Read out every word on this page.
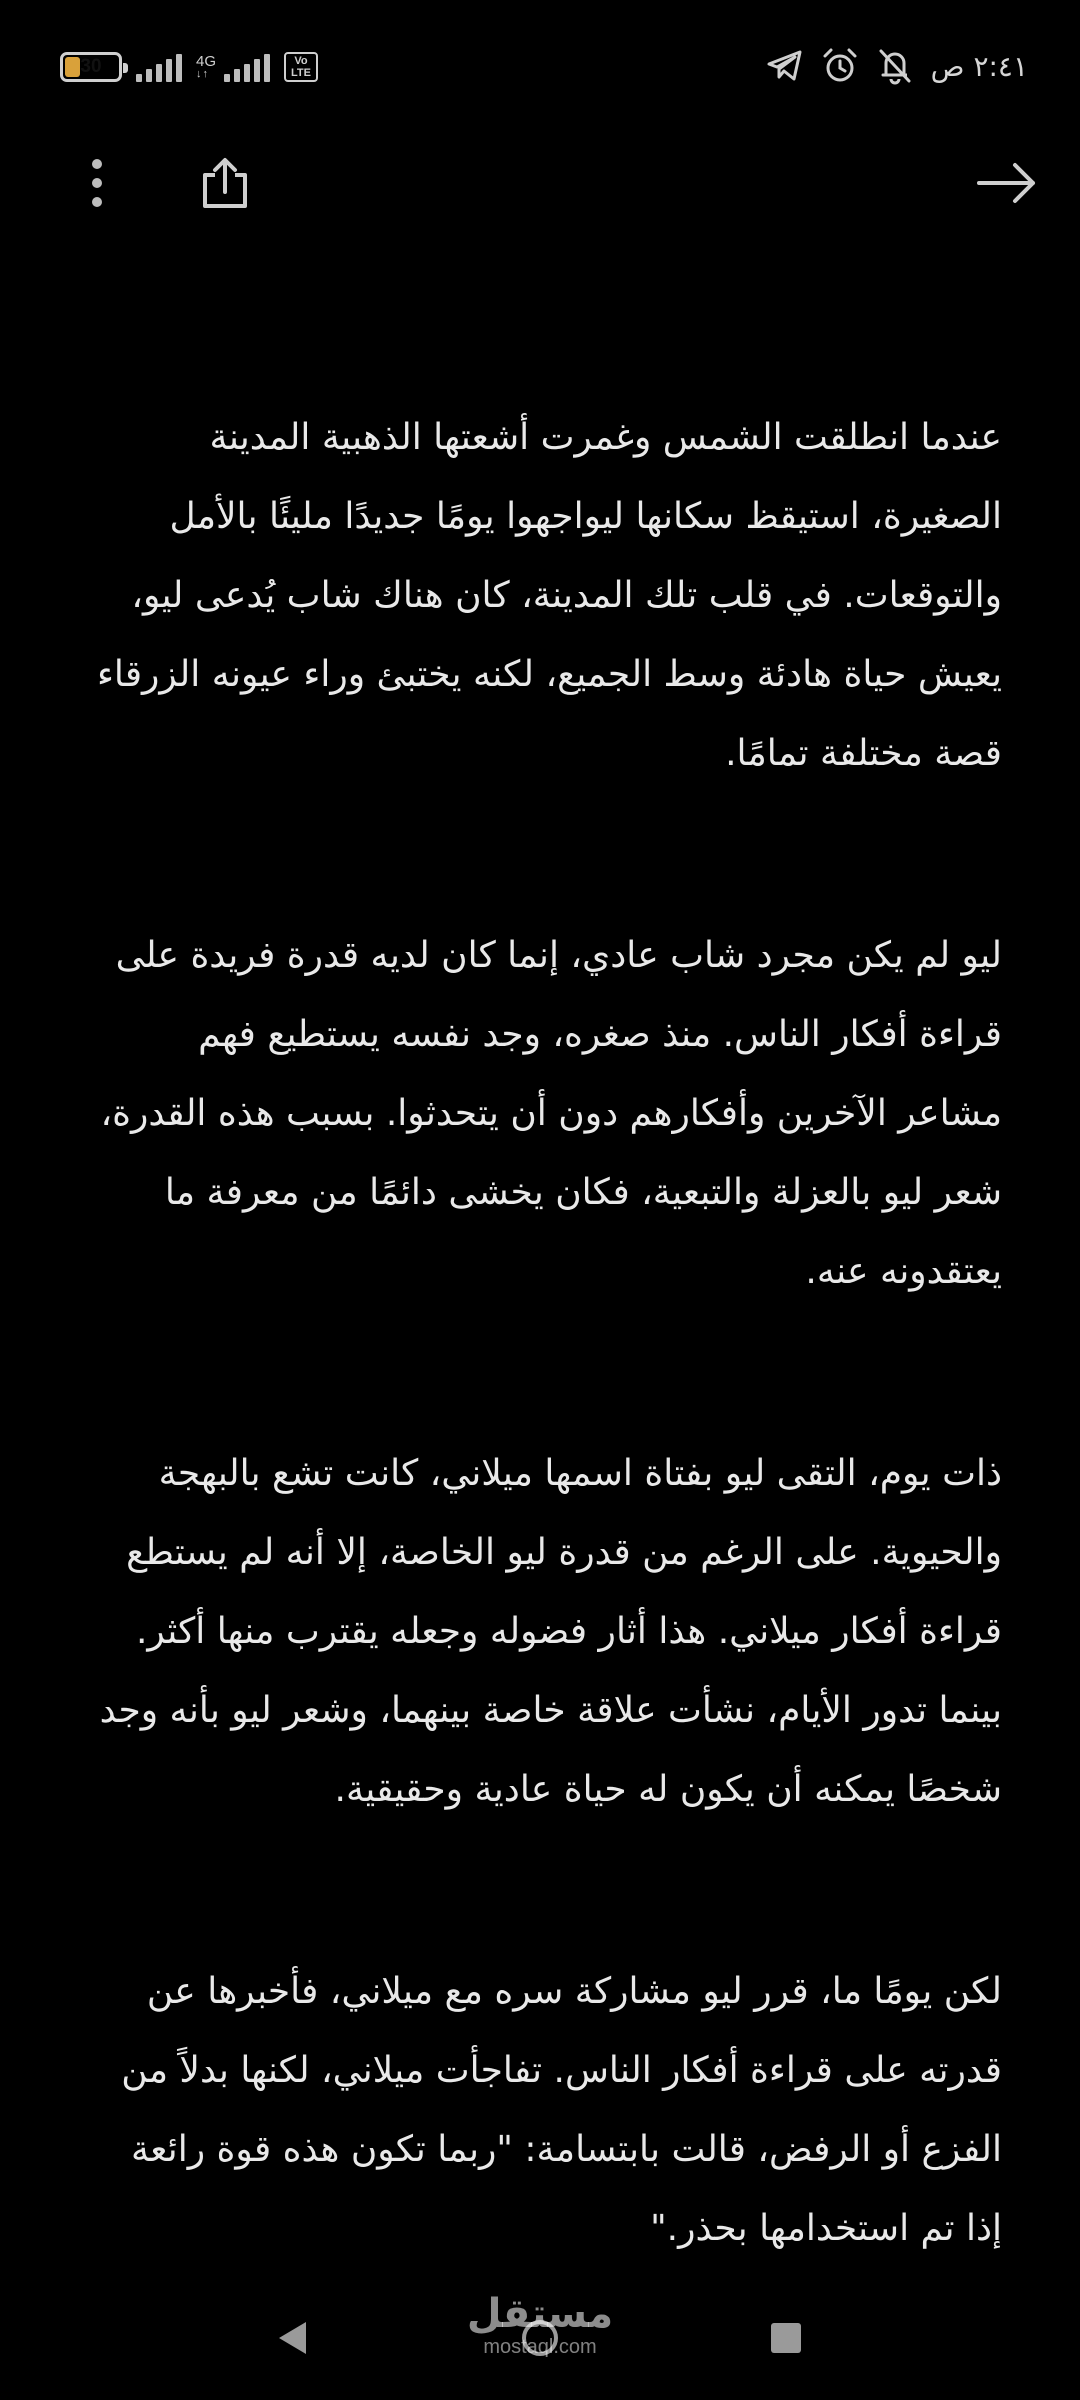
30	4G
↓↑
Vo
LTE	٢:٤١ ص

عندما انطلقت الشمس وغمرت أشعتها الذهبية المدينة الصغيرة، استيقظ سكانها ليواجهوا يومًا جديدًا مليئًا بالأمل والتوقعات. في قلب تلك المدينة، كان هناك شاب يُدعى ليو، يعيش حياة هادئة وسط الجميع، لكنه يختبئ وراء عيونه الزرقاء قصة مختلفة تمامًا.

ليو لم يكن مجرد شاب عادي، إنما كان لديه قدرة فريدة على قراءة أفكار الناس. منذ صغره، وجد نفسه يستطيع فهم مشاعر الآخرين وأفكارهم دون أن يتحدثوا. بسبب هذه القدرة، شعر ليو بالعزلة والتبعية، فكان يخشى دائمًا من معرفة ما يعتقدونه عنه.

ذات يوم، التقى ليو بفتاة اسمها ميلاني، كانت تشع بالبهجة والحيوية. على الرغم من قدرة ليو الخاصة، إلا أنه لم يستطع قراءة أفكار ميلاني. هذا أثار فضوله وجعله يقترب منها أكثر. بينما تدور الأيام، نشأت علاقة خاصة بينهما، وشعر ليو بأنه وجد شخصًا يمكنه أن يكون له حياة عادية وحقيقية.

لكن يومًا ما، قرر ليو مشاركة سره مع ميلاني، فأخبرها عن قدرته على قراءة أفكار الناس. تفاجأت ميلاني، لكنها بدلاً من الفزع أو الرفض، قالت بابتسامة: "ربما تكون هذه قوة رائعة إذا تم استخدامها بحذر."

مستقل
mostaql.com
